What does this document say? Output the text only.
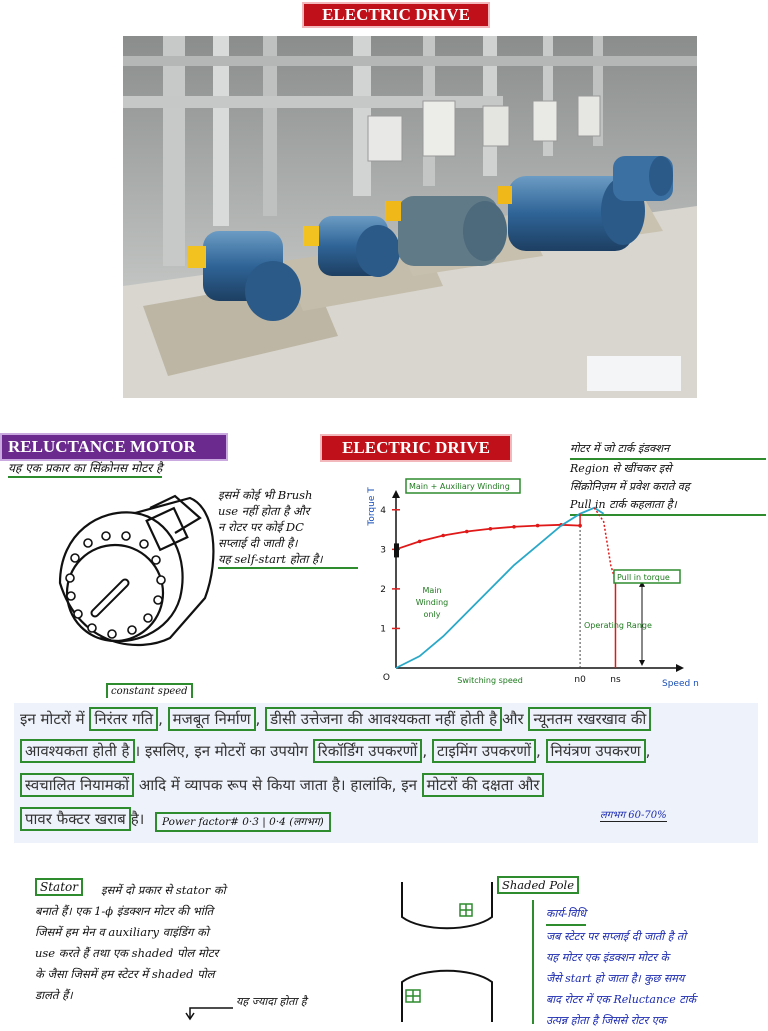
ELECTRIC DRIVE
RELUCTANCE MOTOR
यह एक प्रकार का सिंक्रोनस मोटर है
इसमें कोई भी Brush
use नहीं होता है और
न रोटर पर कोई DC
सप्लाई दी जाती है।
यह self-start होता है।
ELECTRIC DRIVE	मोटर में जो टार्क इंडक्शन
Region से खींचकर इसे
सिंक्रोनिज़म में प्रवेश कराते वह
Pull in टार्क कहलाता है।
1
2
3
4
O	n0	ns	Speed n
Torque T
Main + Auxiliary Winding
Main
Winding
only
Switching speed
Pull in torque
Operating Range
constant speed
इन मोटरों में निरंतर गति , मजबूत निर्माण , डीसी उत्तेजना की आवश्यकता नहीं होती है और न्यूनतम रखरखाव की
आवश्यकता होती है । इसलिए, इन मोटरों का उपयोग रिकॉर्डिंग उपकरणों , टाइमिंग उपकरणों , नियंत्रण उपकरण ,
स्वचालित नियामकों आदि में व्यापक रूप से किया जाता है। हालांकि, इन मोटरों की दक्षता और
पावर फैक्टर खराब है।	लगभग 60-70%
Power factor# 0·3 | 0·4 (लगभग)
Stator	इसमें दो प्रकार से stator को
बनाते हैं। एक 1-ϕ इंडक्शन मोटर की भांति
जिसमें हम मेन व auxiliary वाइंडिंग को
use करते हैं तथा एक shaded पोल मोटर
के जैसा जिसमें हम स्टेटर में shaded पोल
डालते हैं।	यह ज्यादा होता है
Shaded Pole
कार्य-विधि
जब स्टेटर पर सप्लाई दी जाती है तो
यह मोटर एक इंडक्शन मोटर के
जैसे start हो जाता है। कुछ समय
बाद रोटर में एक Reluctance टार्क
उत्पन्न होता है जिससे रोटर एक
